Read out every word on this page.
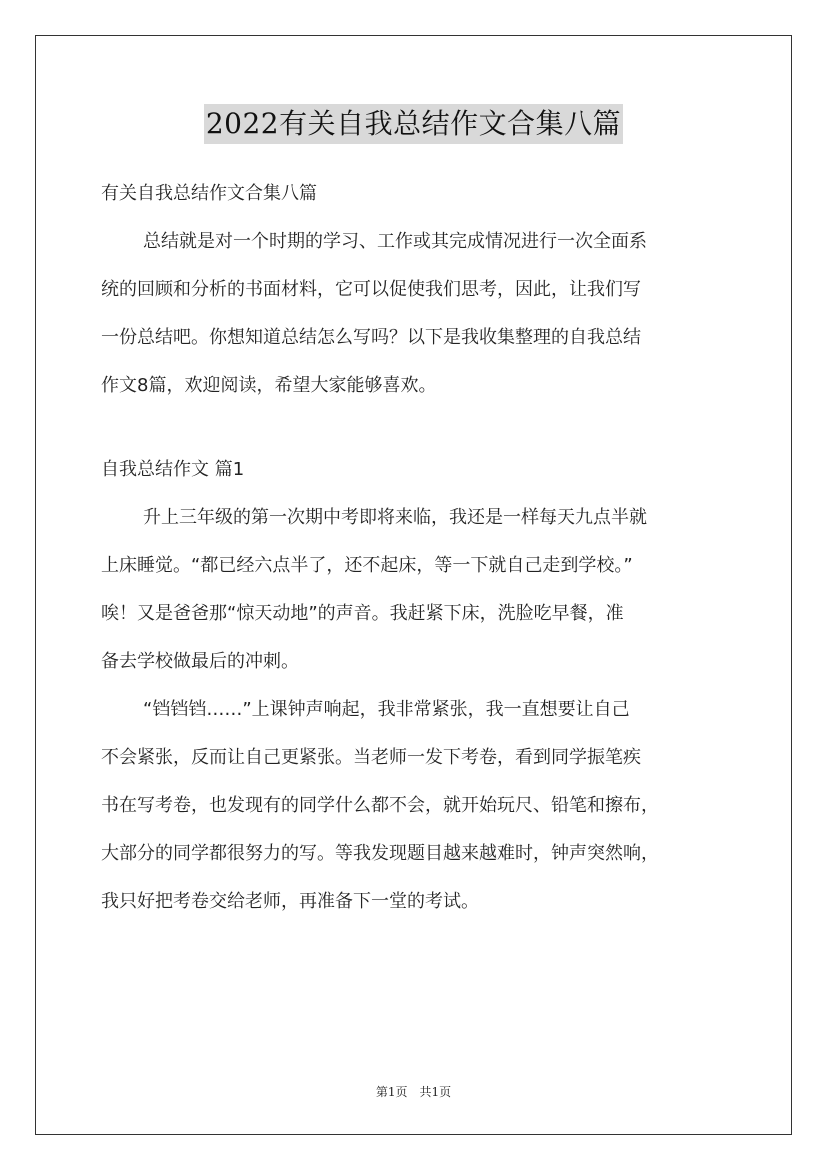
2022有关自我总结作文合集八篇

有关自我总结作文合集八篇

总结就是对一个时期的学习、工作或其完成情况进行一次全面系

统的回顾和分析的书面材料，它可以促使我们思考，因此，让我们写

一份总结吧。你想知道总结怎么写吗？以下是我收集整理的自我总结

作文8篇，欢迎阅读，希望大家能够喜欢。

自我总结作文 篇1

升上三年级的第一次期中考即将来临，我还是一样每天九点半就

上床睡觉。“都已经六点半了，还不起床，等一下就自己走到学校。”

唉！又是爸爸那“惊天动地”的声音。我赶紧下床，洗脸吃早餐，准

备去学校做最后的冲刺。

“铛铛铛……”上课钟声响起，我非常紧张，我一直想要让自己

不会紧张，反而让自己更紧张。当老师一发下考卷，看到同学振笔疾

书在写考卷，也发现有的同学什么都不会，就开始玩尺、铅笔和擦布，

大部分的同学都很努力的写。等我发现题目越来越难时，钟声突然响，

我只好把考卷交给老师，再准备下一堂的考试。

第1页　共1页
